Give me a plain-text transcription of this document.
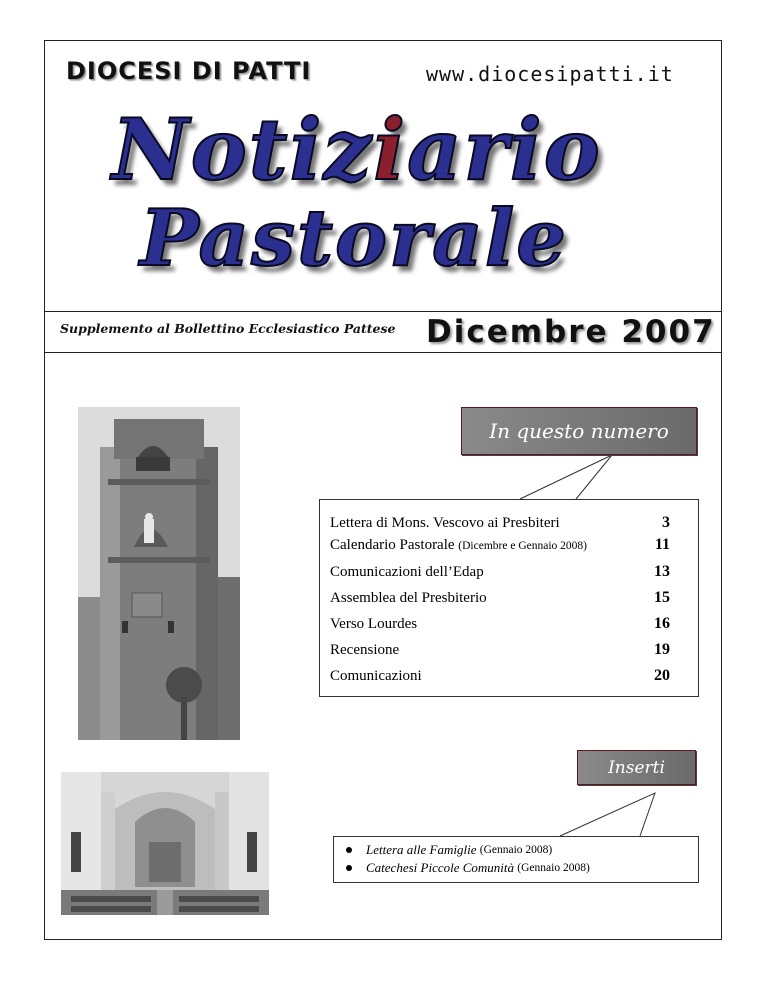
DIOCESI DI PATTI	www.diocesipatti.it
Notiziario
Pastorale
Supplemento al Bollettino Ecclesiastico Pattese Dicembre 2007
In questo numero
Lettera di Mons. Vescovo ai Presbiteri	3
Calendario Pastorale (Dicembre e Gennaio 2008)	11
Comunicazioni dell’Edap	13
Assemblea del Presbiterio	15
Verso Lourdes	16
Recensione	19
Comunicazioni	20
Inserti
Lettera alle Famiglie
(Gennaio 2008)
Catechesi Piccole Comunità
(Gennaio 2008)
